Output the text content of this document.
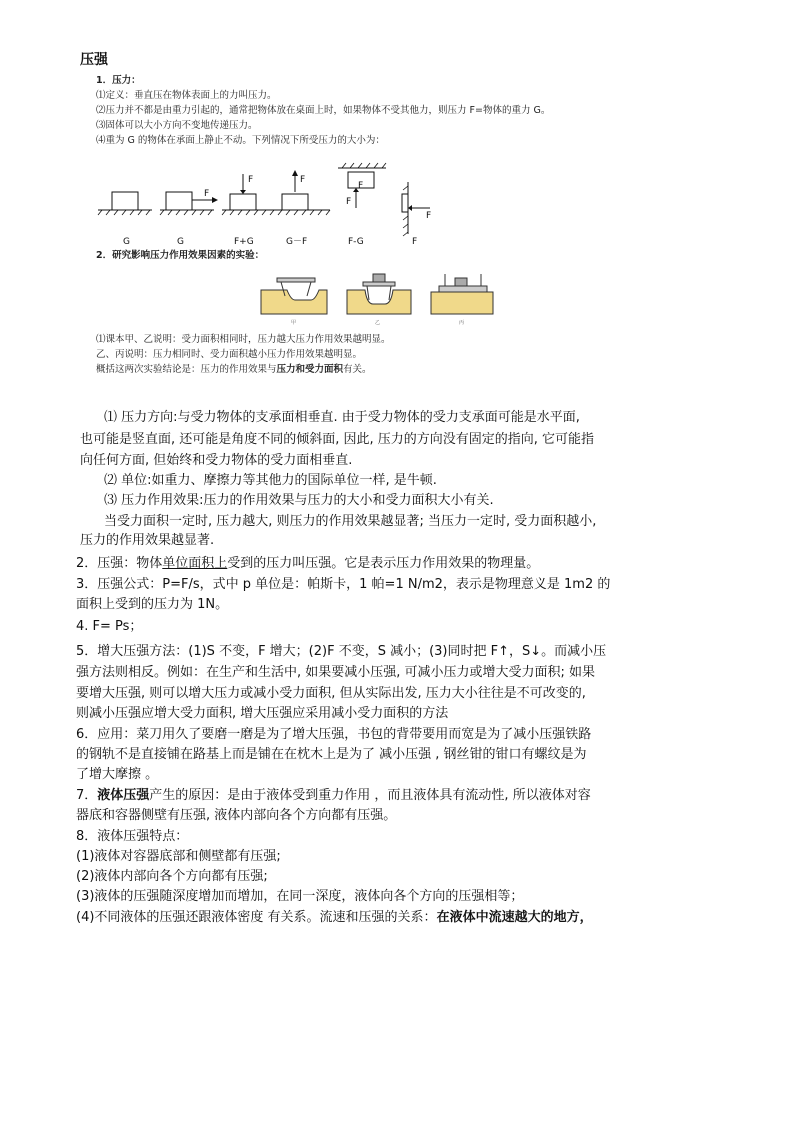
压强
1．压力：
⑴定义：垂直压在物体表面上的力叫压力。
⑵压力并不都是由重力引起的，通常把物体放在桌面上时，如果物体不受其他力，则压力 F=物体的重力 G。
⑶固体可以大小方向不变地传递压力。
⑷重为 G 的物体在承面上静止不动。下列情况下所受压力的大小为：
F
F	F
F
F
F
G	G	F+G	G－F	F-G	F
2．研究影响压力作用效果因素的实验：
甲	乙	丙
⑴课本甲、乙说明：受力面积相同时，压力越大压力作用效果越明显。
乙、丙说明：压力相同时、受力面积越小压力作用效果越明显。
概括这两次实验结论是：压力的作用效果与压力和受力面积有关。
⑴ 压力方向:与受力物体的支承面相垂直. 由于受力物体的受力支承面可能是水平面,
也可能是竖直面, 还可能是角度不同的倾斜面, 因此, 压力的方向没有固定的指向, 它可能指
向任何方面, 但始终和受力物体的受力面相垂直.
⑵ 单位:如重力、摩擦力等其他力的国际单位一样, 是牛顿.
⑶ 压力作用效果:压力的作用效果与压力的大小和受力面积大小有关.
当受力面积一定时, 压力越大, 则压力的作用效果越显著; 当压力一定时, 受力面积越小,
压力的作用效果越显著.
2．压强：物体单位面积上受到的压力叫压强。它是表示压力作用效果的物理量。
3．压强公式：P=F/s，式中 p 单位是：帕斯卡，1 帕=1 N/m2，表示是物理意义是 1m2 的
面积上受到的压力为 1N。
4. F= Ps；
5．增大压强方法：(1)S 不变，F 增大；(2)F 不变，S 减小；(3)同时把 F↑，S↓。而减小压
强方法则相反。例如：在生产和生活中, 如果要减小压强, 可减小压力或增大受力面积; 如果
要增大压强, 则可以增大压力或减小受力面积, 但从实际出发, 压力大小往往是不可改变的,
则减小压强应增大受力面积, 增大压强应采用减小受力面积的方法
6．应用：菜刀用久了要磨一磨是为了增大压强，书包的背带要用而宽是为了减小压强铁路
的钢轨不是直接铺在路基上而是铺在在枕木上是为了 减小压强 , 钢丝钳的钳口有螺纹是为
了增大摩擦 。
7．液体压强产生的原因：是由于液体受到重力作用 ，而且液体具有流动性, 所以液体对容
器底和容器侧壁有压强, 液体内部向各个方向都有压强。
8．液体压强特点：
(1)液体对容器底部和侧壁都有压强;
(2)液体内部向各个方向都有压强;
(3)液体的压强随深度增加而增加，在同一深度，液体向各个方向的压强相等；
(4)不同液体的压强还跟液体密度 有关系。流速和压强的关系：在液体中流速越大的地方，
